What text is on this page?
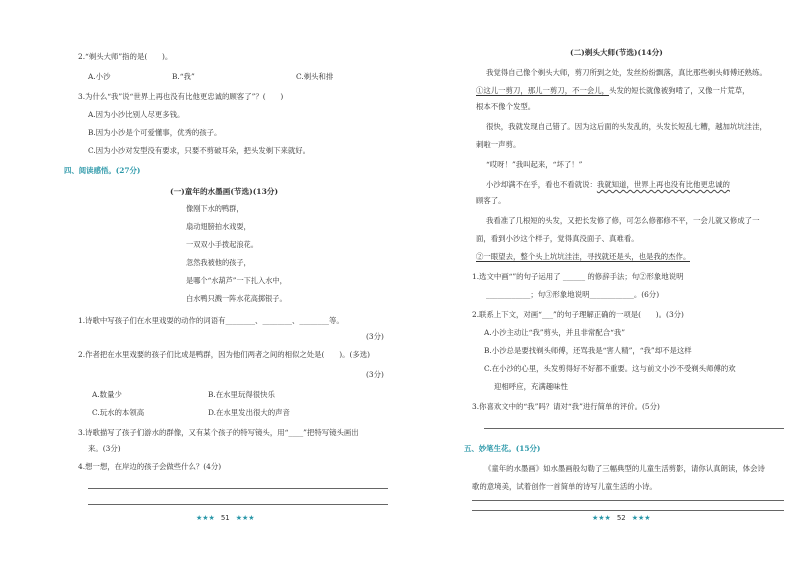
2.“剃头大师”指的是(　　)。
A.小沙	B.“我”	C.剃头和排
3.为什么“我”说“世界上再也没有比他更忠诚的顾客了”？(　　)
A.因为小沙比别人尽更多钱。
B.因为小沙是个可爱懂事，优秀的孩子。
C.因为小沙对发型没有要求，只要不剪破耳朵，把头发剃下来就好。
四、阅读感悟。(27分)
(一)童年的水墨画(节选)(13分)
像刚下水的鸭群，
扇动翅膀拍水戏耍，
一双双小手拨起浪花。
忽然我被他的孩子，
是哪个“水葫芦”一下扎入水中，
白水鸭只溅一阵水花高掷银子。
1.诗歌中写孩子们在水里戏耍的动作的词语有________、________、________等。
(3分)
2.作者把在水里戏要的孩子们比成是鸭群，因为他们两者之间的相似之处是(　　)。(多选)
(3分)
A.数量少	B.在水里玩得很快乐
C.玩水的本领高	D.在水里发出很大的声音
3.诗歌描写了孩子们游水的群像，又有某个孩子的特写镜头，用“____”把特写镜头画出
来。(3分)
4.想一想，在岸边的孩子会做些什么？(4分)
★★★ 51 ★★★
(二)剃头大师(节选)(14分)
我觉得自己像个剃头大师，剪刀所到之处，发丝纷纷飘落，真比那些剃头师傅还熟练。
①这儿一剪刀，那儿一剪刀，不一会儿，头发的短长就像被狗啃了，又像一片荒草，
根本不像个发型。
很快，我就发现自己错了。因为这后面的头发乱的，头发长短乱七糟，越加坑坑洼洼，
刺啦一声剪。
“哎呀！”我叫起来，“坏了！”
小沙却满不在乎，看也不看就说：我就知道，世界上再也没有比他更忠诚的
顾客了。
我看准了几根短的头发，又把长发修了修，可怎么修都修不平，一会儿就又修成了一
面，看到小沙这个样子，觉得真没面子、真难看。
②一眼望去，整个头上坑坑洼洼，寻找就还是头，也是我的杰作。
1.选文中画“”的句子运用了 ______ 的修辞手法；句②形象地说明
____________；句③形象地说明____________。(6分)
2.联系上下文，对画“___”的句子理解正确的一项是(　　)。(3分)
A.小沙主动让“我”剪头，并且非常配合“我”
B.小沙总是要找剃头师傅，还骂我是“害人精”，“我”却不是这样
C.在小沙的心里，头发剪得好不好都不重要。这与前文小沙不受剃头师傅的欢
迎相呼应，充满趣味性
3.你喜欢文中的“我”吗？请对“我”进行简单的评价。(5分)
五、妙笔生花。(15分)
《童年的水墨画》如水墨画般勾勒了三幅典型的儿童生活剪影，请你认真朗读，体会诗
歌的意境美，试着创作一首简单的诗写儿童生活的小诗。
★★★ 52 ★★★
